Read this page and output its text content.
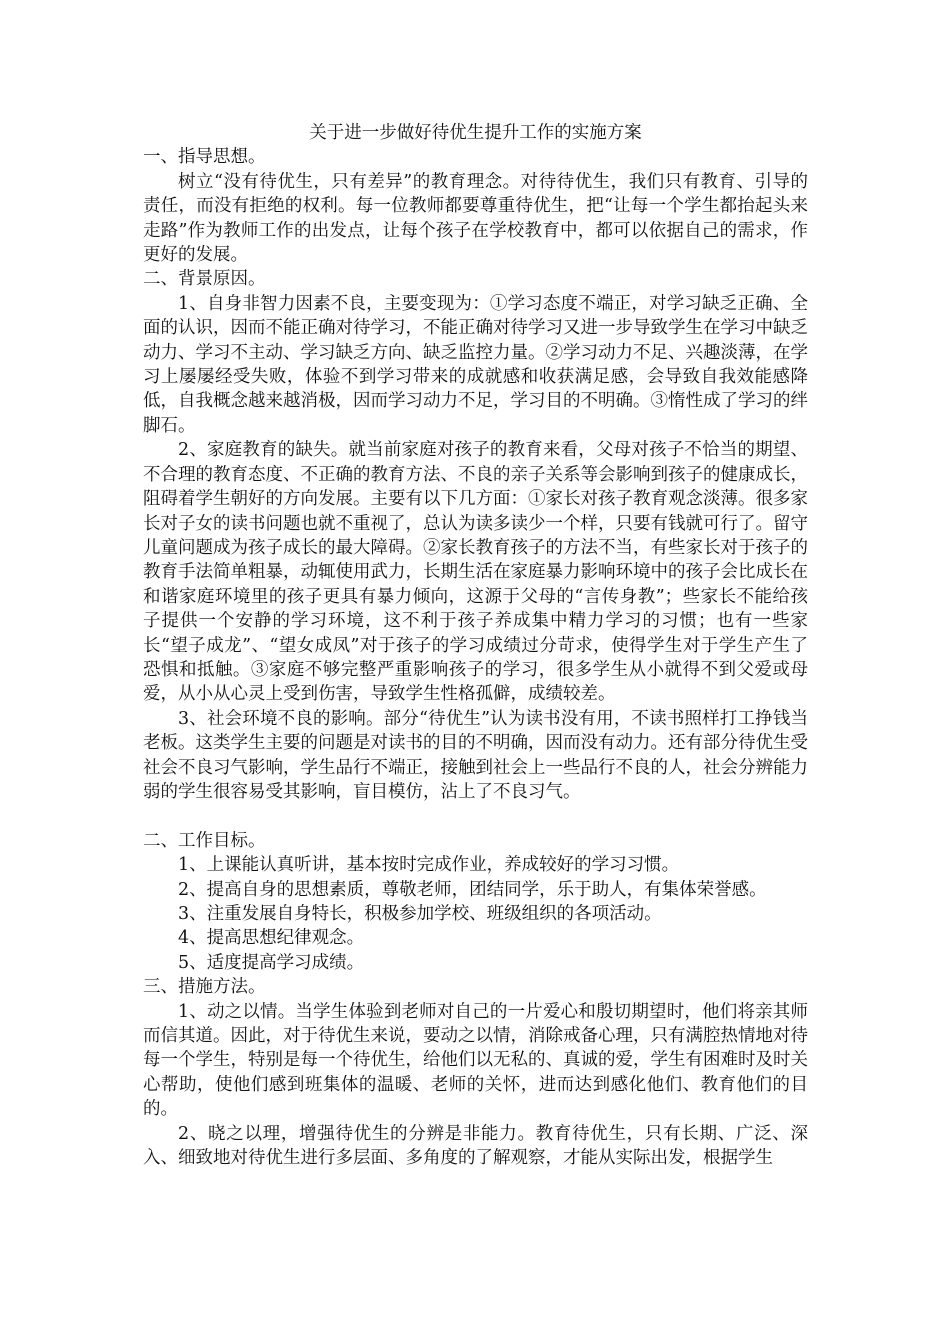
关于进一步做好待优生提升工作的实施方案

一、指导思想。

树立“没有待优生，只有差异”的教育理念。对待待优生，我们只有教育、引导的责任，而没有拒绝的权利。每一位教师都要尊重待优生，把“让每一个学生都抬起头来走路”作为教师工作的出发点，让每个孩子在学校教育中，都可以依据自己的需求，作更好的发展。

二、背景原因。

1、自身非智力因素不良，主要变现为：①学习态度不端正，对学习缺乏正确、全面的认识，因而不能正确对待学习，不能正确对待学习又进一步导致学生在学习中缺乏动力、学习不主动、学习缺乏方向、缺乏监控力量。②学习动力不足、兴趣淡薄，在学习上屡屡经受失败，体验不到学习带来的成就感和收获满足感，会导致自我效能感降低，自我概念越来越消极，因而学习动力不足，学习目的不明确。③惰性成了学习的绊脚石。

2、家庭教育的缺失。就当前家庭对孩子的教育来看，父母对孩子不恰当的期望、不合理的教育态度、不正确的教育方法、不良的亲子关系等会影响到孩子的健康成长，阻碍着学生朝好的方向发展。主要有以下几方面：①家长对孩子教育观念淡薄。很多家长对子女的读书问题也就不重视了，总认为读多读少一个样，只要有钱就可行了。留守儿童问题成为孩子成长的最大障碍。②家长教育孩子的方法不当，有些家长对于孩子的教育手法简单粗暴，动辄使用武力，长期生活在家庭暴力影响环境中的孩子会比成长在和谐家庭环境里的孩子更具有暴力倾向，这源于父母的“言传身教”；些家长不能给孩子提供一个安静的学习环境，这不利于孩子养成集中精力学习的习惯；也有一些家长“望子成龙”、“望女成凤”对于孩子的学习成绩过分苛求，使得学生对于学生产生了恐惧和抵触。③家庭不够完整严重影响孩子的学习，很多学生从小就得不到父爱或母爱，从小从心灵上受到伤害，导致学生性格孤僻，成绩较差。

3、社会环境不良的影响。部分“待优生”认为读书没有用，不读书照样打工挣钱当老板。这类学生主要的问题是对读书的目的不明确，因而没有动力。还有部分待优生受社会不良习气影响，学生品行不端正，接触到社会上一些品行不良的人，社会分辨能力弱的学生很容易受其影响，盲目模仿，沾上了不良习气。

二、工作目标。

1、上课能认真听讲，基本按时完成作业，养成较好的学习习惯。

2、提高自身的思想素质，尊敬老师，团结同学，乐于助人，有集体荣誉感。

3、注重发展自身特长，积极参加学校、班级组织的各项活动。

4、提高思想纪律观念。

5、适度提高学习成绩。

三、措施方法。

1、动之以情。当学生体验到老师对自己的一片爱心和殷切期望时，他们将亲其师而信其道。因此，对于待优生来说，要动之以情，消除戒备心理，只有满腔热情地对待每一个学生，特别是每一个待优生，给他们以无私的、真诚的爱，学生有困难时及时关心帮助，使他们感到班集体的温暖、老师的关怀，进而达到感化他们、教育他们的目的。

2、晓之以理，增强待优生的分辨是非能力。教育待优生，只有长期、广泛、深入、细致地对待优生进行多层面、多角度的了解观察，才能从实际出发，根据学生
